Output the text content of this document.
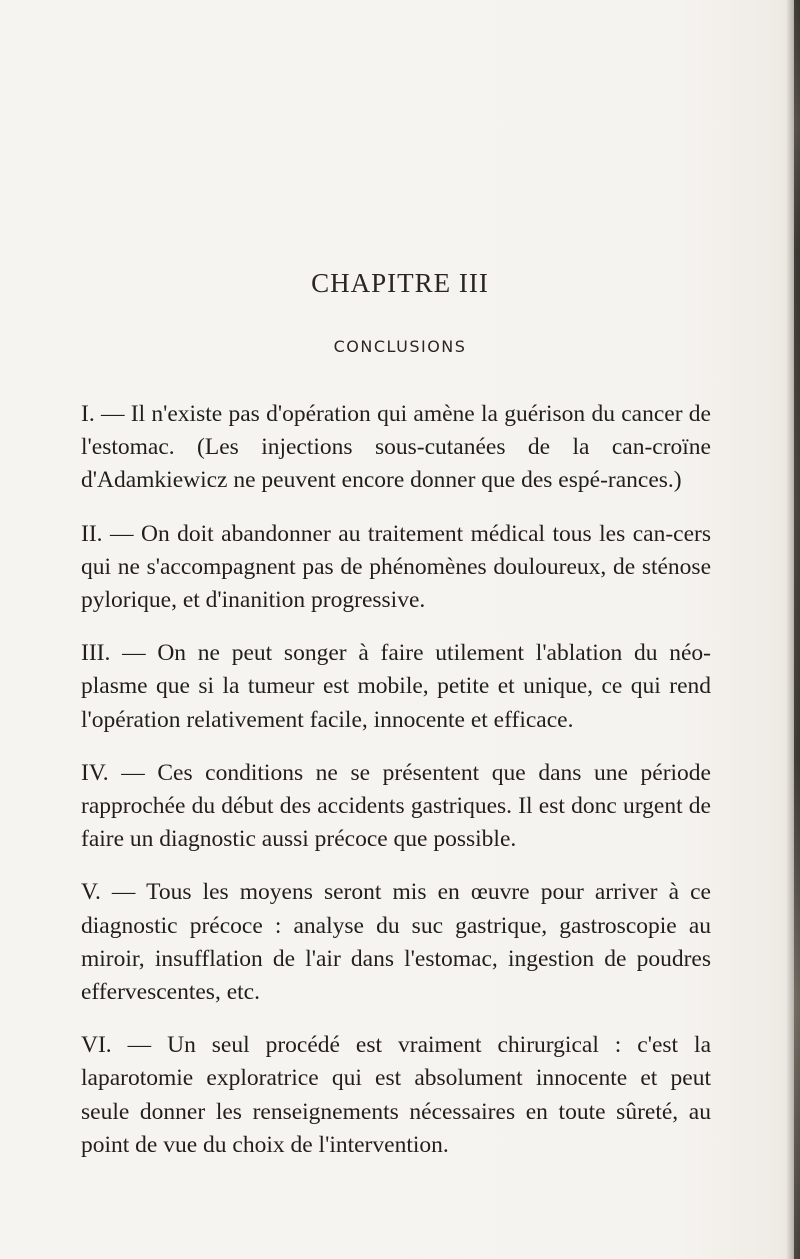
CHAPITRE III
CONCLUSIONS

I. — Il n'existe pas d'opération qui amène la guérison du cancer de l'estomac. (Les injections sous-cutanées de la can-croïne d'Adamkiewicz ne peuvent encore donner que des espé-rances.)

II. — On doit abandonner au traitement médical tous les can-cers qui ne s'accompagnent pas de phénomènes douloureux, de sténose pylorique, et d'inanition progressive.

III. — On ne peut songer à faire utilement l'ablation du néo-plasme que si la tumeur est mobile, petite et unique, ce qui rend l'opération relativement facile, innocente et efficace.

IV. — Ces conditions ne se présentent que dans une période rapprochée du début des accidents gastriques. Il est donc urgent de faire un diagnostic aussi précoce que possible.

V. — Tous les moyens seront mis en œuvre pour arriver à ce diagnostic précoce : analyse du suc gastrique, gastroscopie au miroir, insufflation de l'air dans l'estomac, ingestion de poudres effervescentes, etc.

VI. — Un seul procédé est vraiment chirurgical : c'est la laparotomie exploratrice qui est absolument innocente et peut seule donner les renseignements nécessaires en toute sûreté, au point de vue du choix de l'intervention.
